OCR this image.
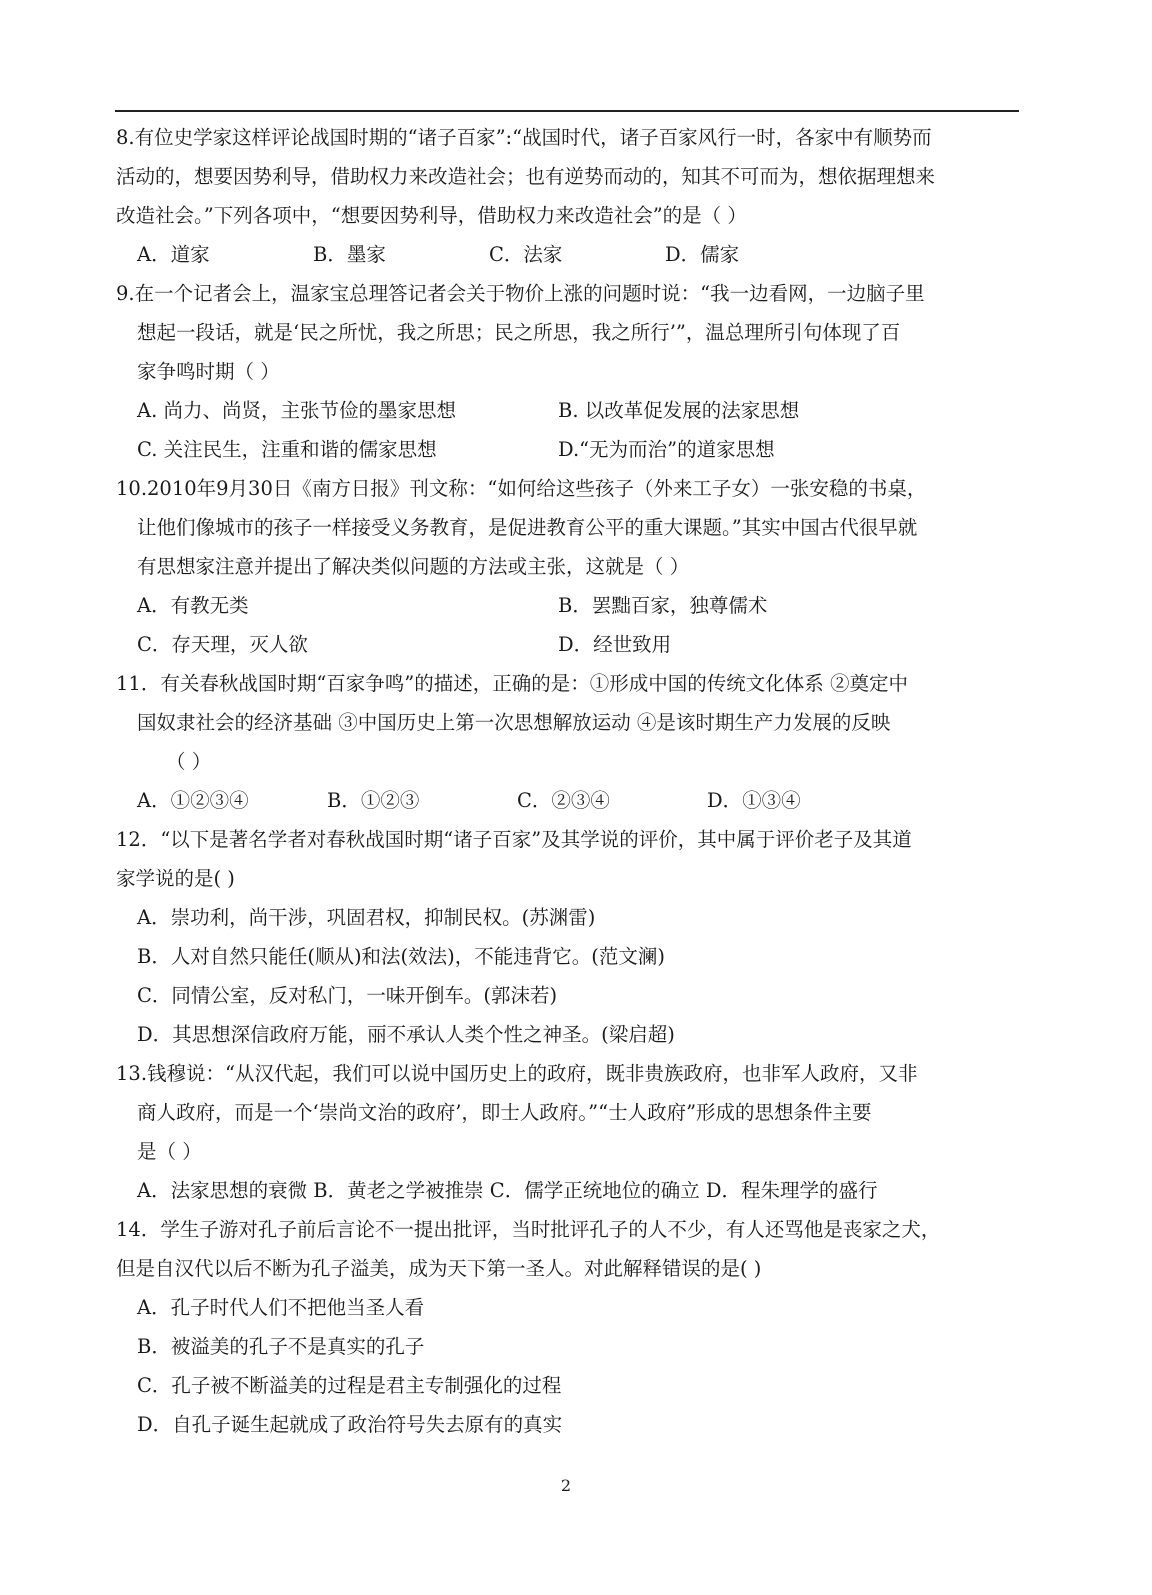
8.有位史学家这样评论战国时期的“诸子百家”:“战国时代，诸子百家风行一时，各家中有顺势而
活动的，想要因势利导，借助权力来改造社会；也有逆势而动的，知其不可而为，想依据理想来
改造社会。”下列各项中，“想要因势利导，借助权力来改造社会”的是（ ）
A．道家	B．墨家	C．法家	D．儒家
9.在一个记者会上，温家宝总理答记者会关于物价上涨的问题时说：“我一边看网，一边脑子里
想起一段话，就是‘民之所忧，我之所思；民之所思，我之所行’”，温总理所引句体现了百
家争鸣时期（ ）
A. 尚力、尚贤，主张节俭的墨家思想	B. 以改革促发展的法家思想
C. 关注民生，注重和谐的儒家思想	D.“无为而治”的道家思想
10.2010年9月30日《南方日报》刊文称：“如何给这些孩子（外来工子女）一张安稳的书桌，
让他们像城市的孩子一样接受义务教育，是促进教育公平的重大课题。”其实中国古代很早就
有思想家注意并提出了解决类似问题的方法或主张，这就是（ ）
A．有教无类	B．罢黜百家，独尊儒术
C．存天理，灭人欲	D．经世致用
11．有关春秋战国时期“百家争鸣”的描述，正确的是：①形成中国的传统文化体系 ②奠定中
国奴隶社会的经济基础 ③中国历史上第一次思想解放运动 ④是该时期生产力发展的反映
（ ）
A．①②③④	B．①②③	C．②③④	D．①③④
12．“以下是著名学者对春秋战国时期“诸子百家”及其学说的评价，其中属于评价老子及其道
家学说的是( )
A．崇功利，尚干涉，巩固君权，抑制民权。(苏渊雷)
B．人对自然只能任(顺从)和法(效法)，不能违背它。(范文澜)
C．同情公室，反对私门，一味开倒车。(郭沫若)
D．其思想深信政府万能，丽不承认人类个性之神圣。(梁启超)
13.钱穆说：“从汉代起，我们可以说中国历史上的政府，既非贵族政府，也非军人政府，又非
商人政府，而是一个‘崇尚文治的政府’，即士人政府。”“士人政府”形成的思想条件主要
是（ ）
A．法家思想的衰微 B．黄老之学被推崇 C．儒学正统地位的确立 D．程朱理学的盛行
14．学生子游对孔子前后言论不一提出批评，当时批评孔子的人不少，有人还骂他是丧家之犬，
但是自汉代以后不断为孔子溢美，成为天下第一圣人。对此解释错误的是( )
A．孔子时代人们不把他当圣人看
B．被溢美的孔子不是真实的孔子
C．孔子被不断溢美的过程是君主专制强化的过程
D．自孔子诞生起就成了政治符号失去原有的真实
2
